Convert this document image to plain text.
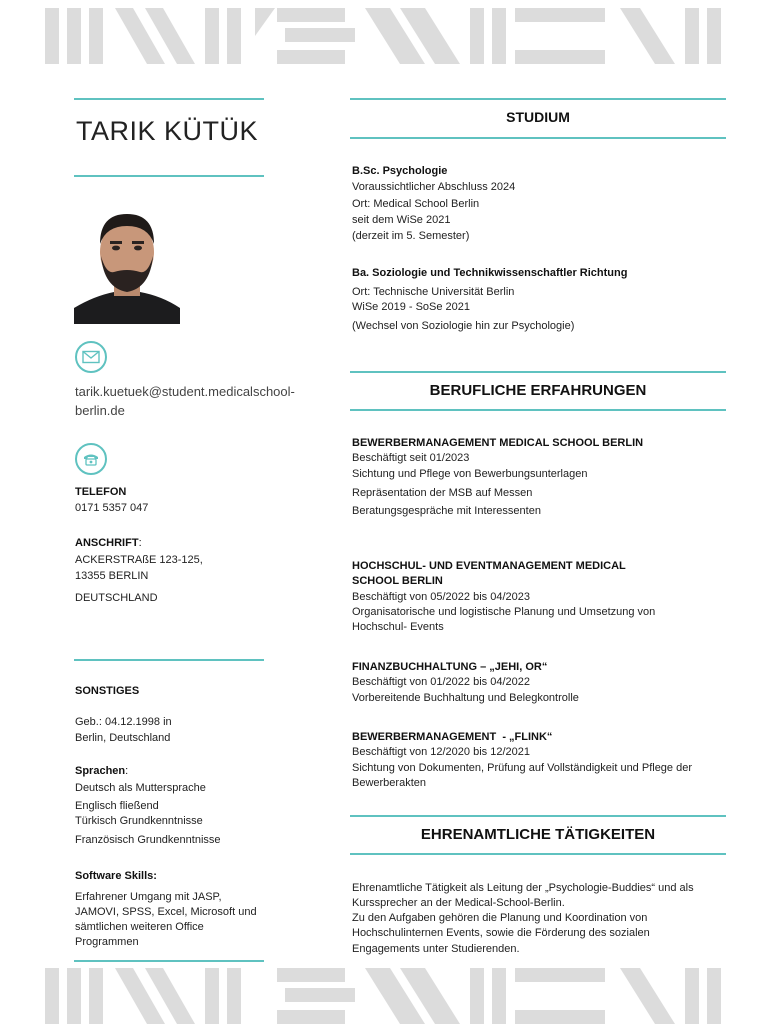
TARIK KÜTÜK
tarik.kuetuek@student.medicalschool-berlin.de
TELEFON
0171 5357 047
ANSCHRIFT:
ACKERSTRAßE 123-125,
13355 BERLIN
DEUTSCHLAND
SONSTIGES
Geb.: 04.12.1998 in
Berlin, Deutschland
Sprachen:
Deutsch als Muttersprache
Englisch fließend
Türkisch Grundkenntnisse
Französisch Grundkenntnisse
Software Skills:
Erfahrener Umgang mit JASP,
JAMOVI, SPSS, Excel, Microsoft und
sämtlichen weiteren Office
Programmen
STUDIUM
B.Sc. Psychologie
Voraussichtlicher Abschluss 2024
Ort: Medical School Berlin
seit dem WiSe 2021
(derzeit im 5. Semester)
Ba. Soziologie und Technikwissenschaftler Richtung
Ort: Technische Universität Berlin
WiSe 2019 - SoSe 2021
(Wechsel von Soziologie hin zur Psychologie)
BERUFLICHE ERFAHRUNGEN
BEWERBERMANAGEMENT MEDICAL SCHOOL BERLIN
Beschäftigt seit 01/2023
Sichtung und Pflege von Bewerbungsunterlagen
Repräsentation der MSB auf Messen
Beratungsgespräche mit Interessenten
HOCHSCHUL- UND EVENTMANAGEMENT MEDICAL
SCHOOL BERLIN
Beschäftigt von 05/2022 bis 04/2023
Organisatorische und logistische Planung und Umsetzung von
Hochschul- Events
FINANZBUCHHALTUNG – „JEHI, OR“
Beschäftigt von 01/2022 bis 04/2022
Vorbereitende Buchhaltung und Belegkontrolle
BEWERBERMANAGEMENT  - „FLINK“
Beschäftigt von 12/2020 bis 12/2021
Sichtung von Dokumenten, Prüfung auf Vollständigkeit und Pflege der
Bewerberakten
EHRENAMTLICHE TÄTIGKEITEN
Ehrenamtliche Tätigkeit als Leitung der „Psychologie-Buddies“ und als
Kurssprecher an der Medical-School-Berlin.
Zu den Aufgaben gehören die Planung und Koordination von
Hochschulinternen Events, sowie die Förderung des sozialen
Engagements unter Studierenden.
